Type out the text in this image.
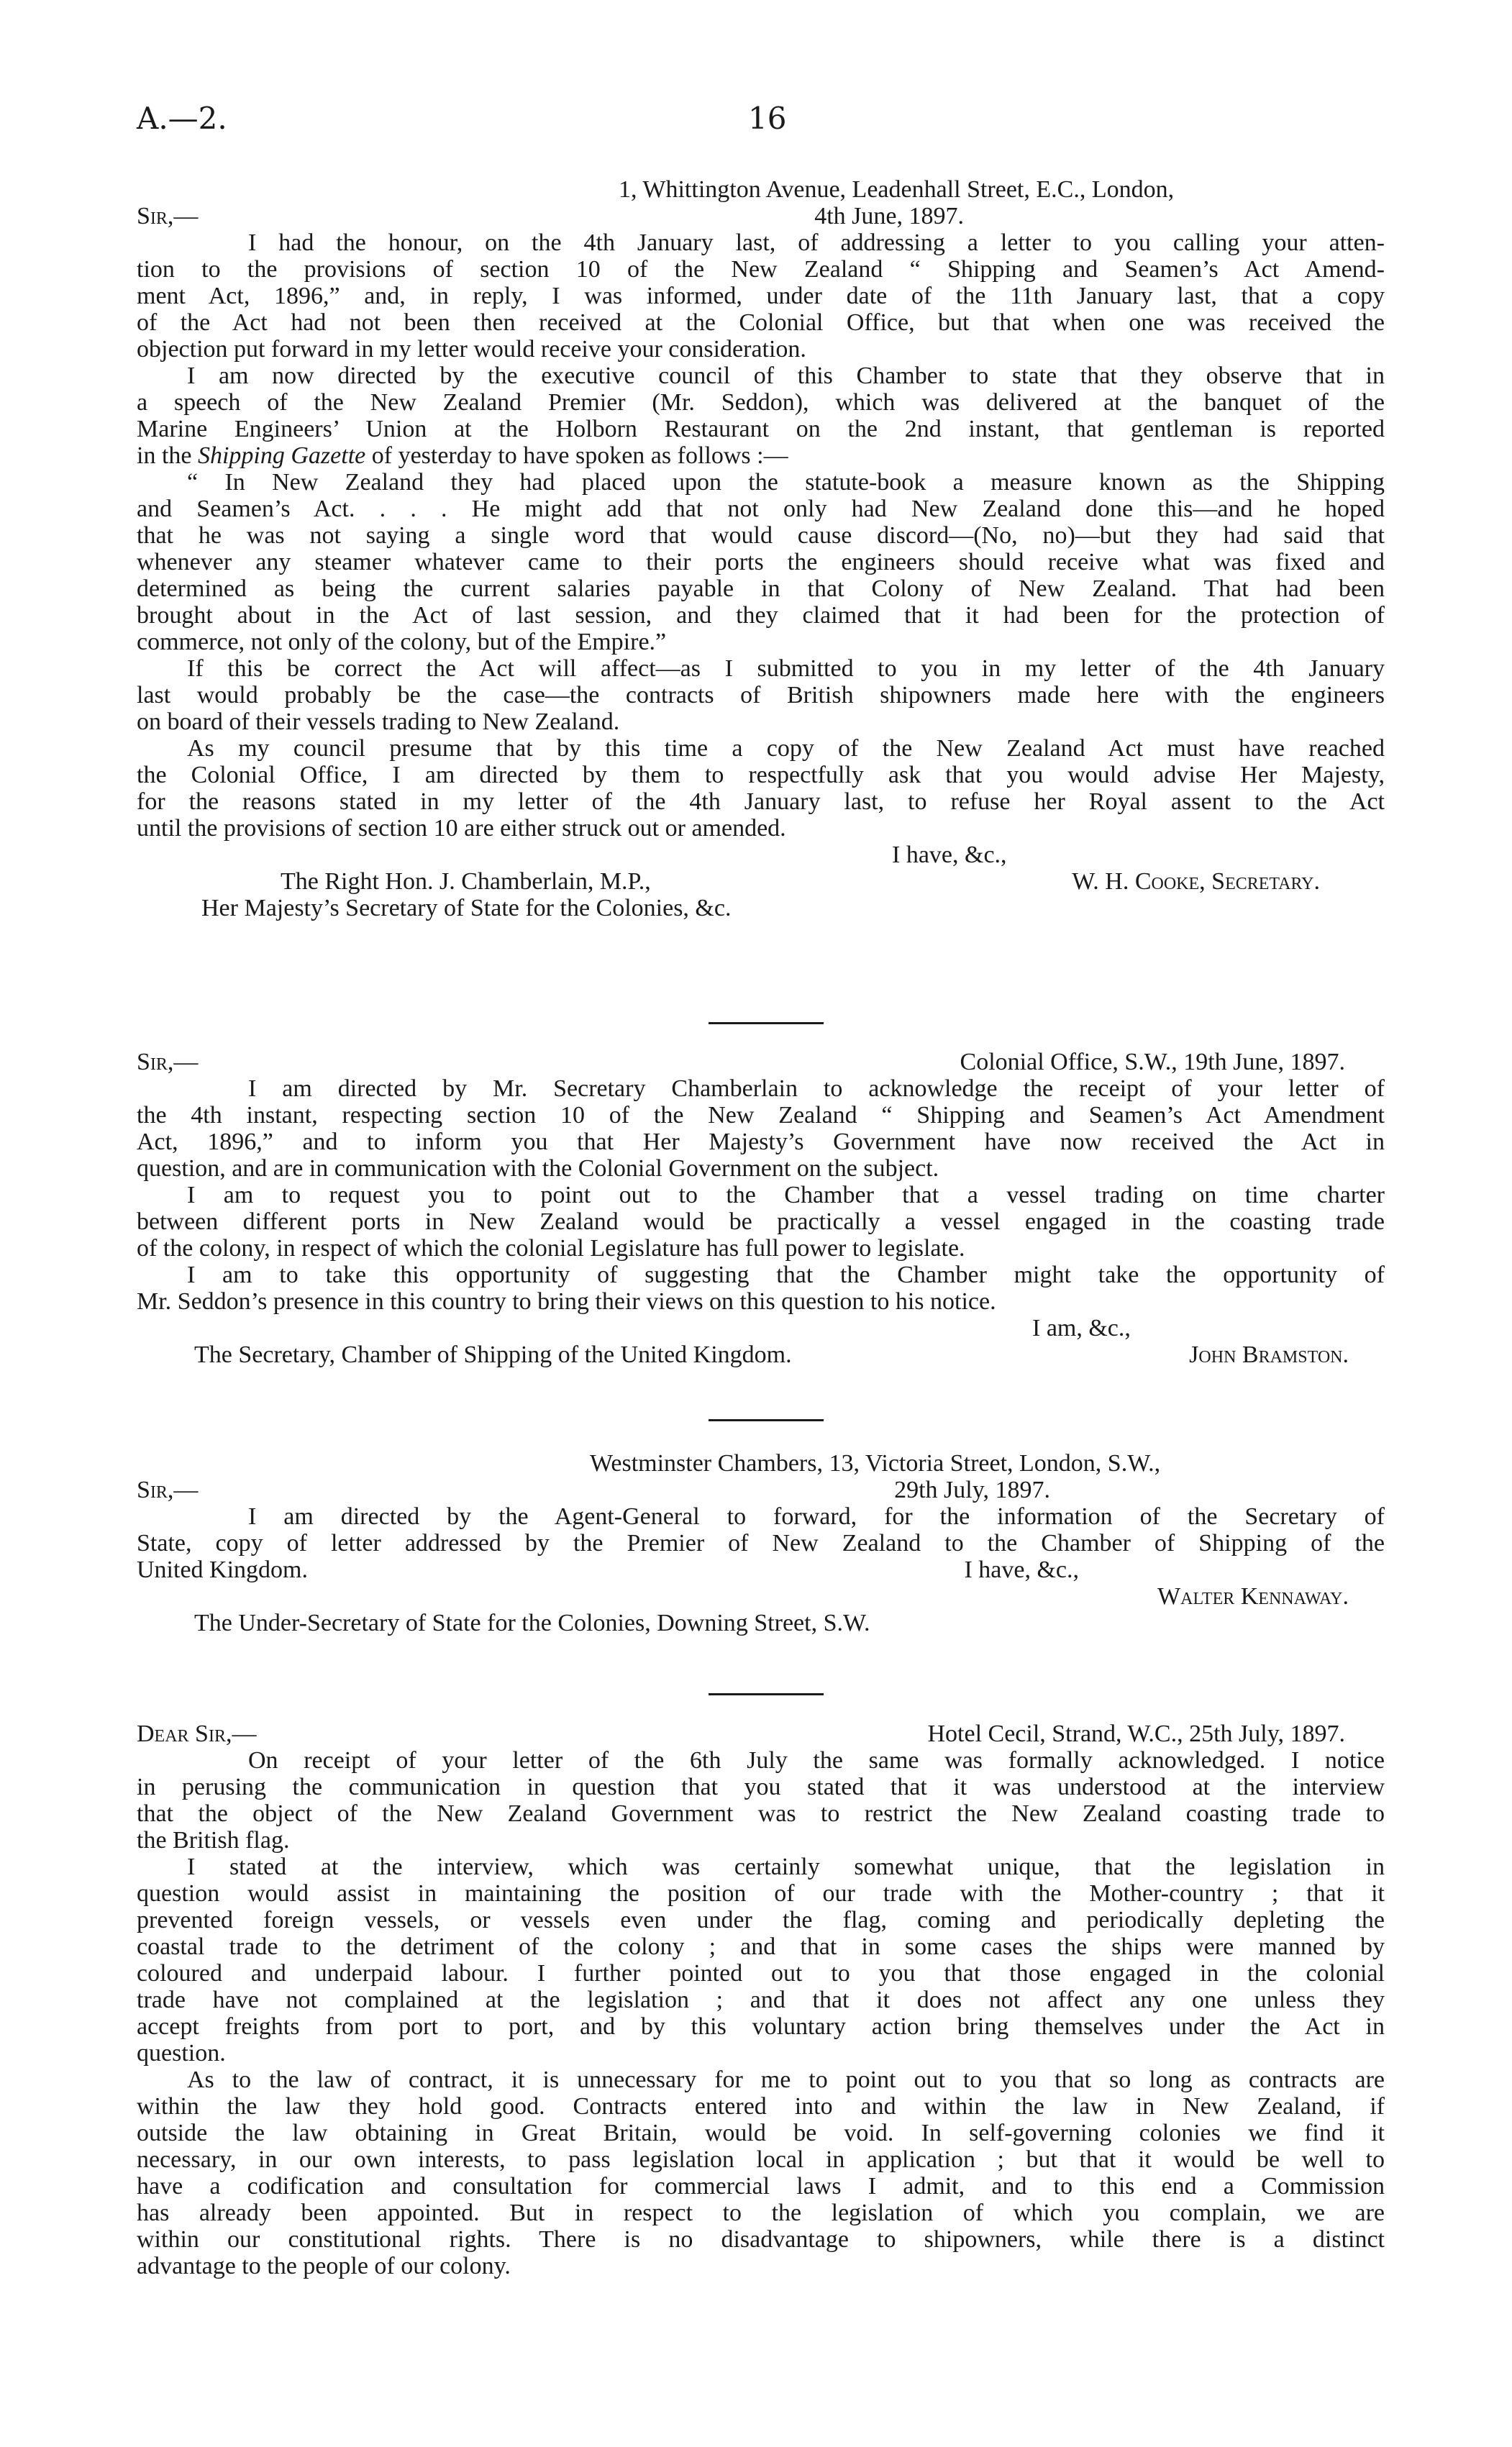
A.—2.	16
1, Whittington Avenue, Leadenhall Street, E.C., London,
Sir,—	4th June, 1897.
I had the honour, on the 4th January last, of addressing a letter to you calling your atten-
tion to the provisions of section 10 of the New Zealand “ Shipping and Seamen’s Act Amend-
ment Act, 1896,” and, in reply, I was informed, under date of the 11th January last, that a copy
of the Act had not been then received at the Colonial Office, but that when one was received the
objection put forward in my letter would receive your consideration.
I am now directed by the executive council of this Chamber to state that they observe that in
a speech of the New Zealand Premier (Mr. Seddon), which was delivered at the banquet of the
Marine Engineers’ Union at the Holborn Restaurant on the 2nd instant, that gentleman is reported
in the Shipping Gazette of yesterday to have spoken as follows :—
“ In New Zealand they had placed upon the statute-book a measure known as the Shipping
and Seamen’s Act. . . . He might add that not only had New Zealand done this—and he hoped
that he was not saying a single word that would cause discord—(No, no)—but they had said that
whenever any steamer whatever came to their ports the engineers should receive what was fixed and
determined as being the current salaries payable in that Colony of New Zealand. That had been
brought about in the Act of last session, and they claimed that it had been for the protection of
commerce, not only of the colony, but of the Empire.”
If this be correct the Act will affect—as I submitted to you in my letter of the 4th January
last would probably be the case—the contracts of British shipowners made here with the engineers
on board of their vessels trading to New Zealand.
As my council presume that by this time a copy of the New Zealand Act must have reached
the Colonial Office, I am directed by them to respectfully ask that you would advise Her Majesty,
for the reasons stated in my letter of the 4th January last, to refuse her Royal assent to the Act
until the provisions of section 10 are either struck out or amended.
I have, &c.,
The Right Hon. J. Chamberlain, M.P.,	W. H. Cooke, Secretary.
Her Majesty’s Secretary of State for the Colonies, &c.
Sir,—	Colonial Office, S.W., 19th June, 1897.
I am directed by Mr. Secretary Chamberlain to acknowledge the receipt of your letter of
the 4th instant, respecting section 10 of the New Zealand “ Shipping and Seamen’s Act Amendment
Act, 1896,” and to inform you that Her Majesty’s Government have now received the Act in
question, and are in communication with the Colonial Government on the subject.
I am to request you to point out to the Chamber that a vessel trading on time charter
between different ports in New Zealand would be practically a vessel engaged in the coasting trade
of the colony, in respect of which the colonial Legislature has full power to legislate.
I am to take this opportunity of suggesting that the Chamber might take the opportunity of
Mr. Seddon’s presence in this country to bring their views on this question to his notice.
I am, &c.,
The Secretary, Chamber of Shipping of the United Kingdom.	John Bramston.
Westminster Chambers, 13, Victoria Street, London, S.W.,
Sir,—	29th July, 1897.
I am directed by the Agent-General to forward, for the information of the Secretary of
State, copy of letter addressed by the Premier of New Zealand to the Chamber of Shipping of the
United Kingdom.	I have, &c.,
Walter Kennaway.
The Under-Secretary of State for the Colonies, Downing Street, S.W.
Dear Sir,—	Hotel Cecil, Strand, W.C., 25th July, 1897.
On receipt of your letter of the 6th July the same was formally acknowledged. I notice
in perusing the communication in question that you stated that it was understood at the interview
that the object of the New Zealand Government was to restrict the New Zealand coasting trade to
the British flag.
I stated at the interview, which was certainly somewhat unique, that the legislation in
question would assist in maintaining the position of our trade with the Mother-country ; that it
prevented foreign vessels, or vessels even under the flag, coming and periodically depleting the
coastal trade to the detriment of the colony ; and that in some cases the ships were manned by
coloured and underpaid labour. I further pointed out to you that those engaged in the colonial
trade have not complained at the legislation ; and that it does not affect any one unless they
accept freights from port to port, and by this voluntary action bring themselves under the Act in
question.
As to the law of contract, it is unnecessary for me to point out to you that so long as contracts are
within the law they hold good. Contracts entered into and within the law in New Zealand, if
outside the law obtaining in Great Britain, would be void. In self-governing colonies we find it
necessary, in our own interests, to pass legislation local in application ; but that it would be well to
have a codification and consultation for commercial laws I admit, and to this end a Commission
has already been appointed. But in respect to the legislation of which you complain, we are
within our constitutional rights. There is no disadvantage to shipowners, while there is a distinct
advantage to the people of our colony.
